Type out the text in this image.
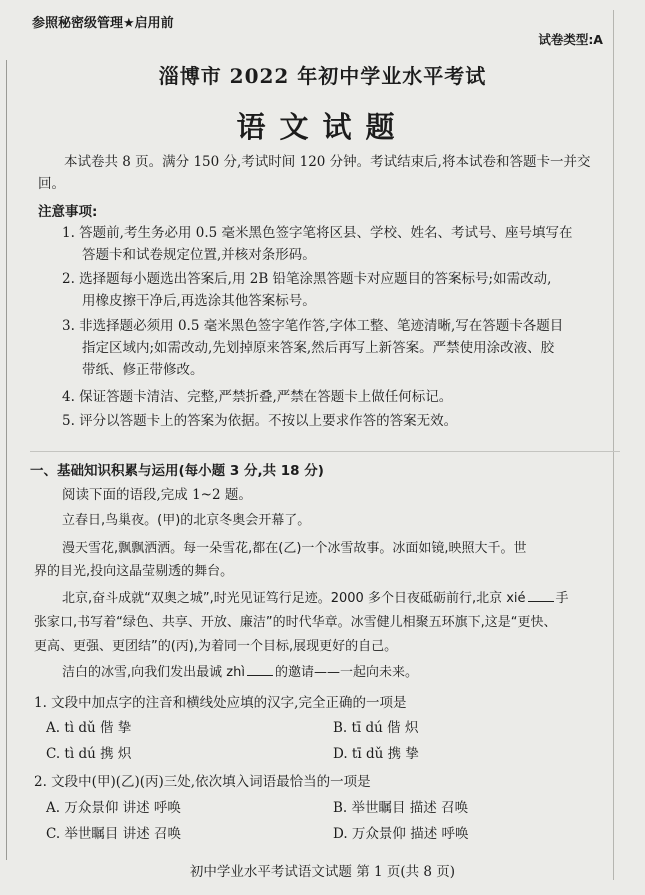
参照秘密级管理★启用前
试卷类型:A
淄博市 2022 年初中学业水平考试
语文试题
本试卷共 8 页。满分 150 分,考试时间 120 分钟。考试结束后,将本试卷和答题卡一并交
回。
注意事项:
1. 答题前,考生务必用 0.5 毫米黑色签字笔将区县、学校、姓名、考试号、座号填写在
答题卡和试卷规定位置,并核对条形码。
2. 选择题每小题选出答案后,用 2B 铅笔涂黑答题卡对应题目的答案标号;如需改动,
用橡皮擦干净后,再选涂其他答案标号。
3. 非选择题必须用 0.5 毫米黑色签字笔作答,字体工整、笔迹清晰,写在答题卡各题目
指定区域内;如需改动,先划掉原来答案,然后再写上新答案。严禁使用涂改液、胶
带纸、修正带修改。
4. 保证答题卡清洁、完整,严禁折叠,严禁在答题卡上做任何标记。
5. 评分以答题卡上的答案为依据。不按以上要求作答的答案无效。
一、基础知识积累与运用(每小题 3 分,共 18 分)
阅读下面的语段,完成 1~2 题。
立春日,鸟巢夜。(甲)的北京冬奥会开幕了。
漫天雪花,飘飘洒洒。每一朵雪花,都在(乙)一个冰雪故事。冰面如镜,映照大千。世
界的目光,投向这晶莹剔透的舞台。
北京,奋斗成就“双奥之城”,时光见证笃行足迹。2000 多个日夜砥砺前行,北京 xié 手
张家口,书写着“绿色、共享、开放、廉洁”的时代华章。冰雪健儿相聚五环旗下,这是“更快、
更高、更强、更团结”的(丙),为着同一个目标,展现更好的自己。
洁白的冰雪,向我们发出最诚 zhì 的邀请——一起向未来。
1. 文段中加点字的注音和横线处应填的汉字,完全正确的一项是
A. tì dǔ 偕 挚	B. tī dú 偕 炽
C. tì dú 携 炽	D. tī dǔ 携 挚
2. 文段中(甲)(乙)(丙)三处,依次填入词语最恰当的一项是
A. 万众景仰 讲述 呼唤	B. 举世瞩目 描述 召唤
C. 举世瞩目 讲述 召唤	D. 万众景仰 描述 呼唤
初中学业水平考试语文试题 第 1 页(共 8 页)
